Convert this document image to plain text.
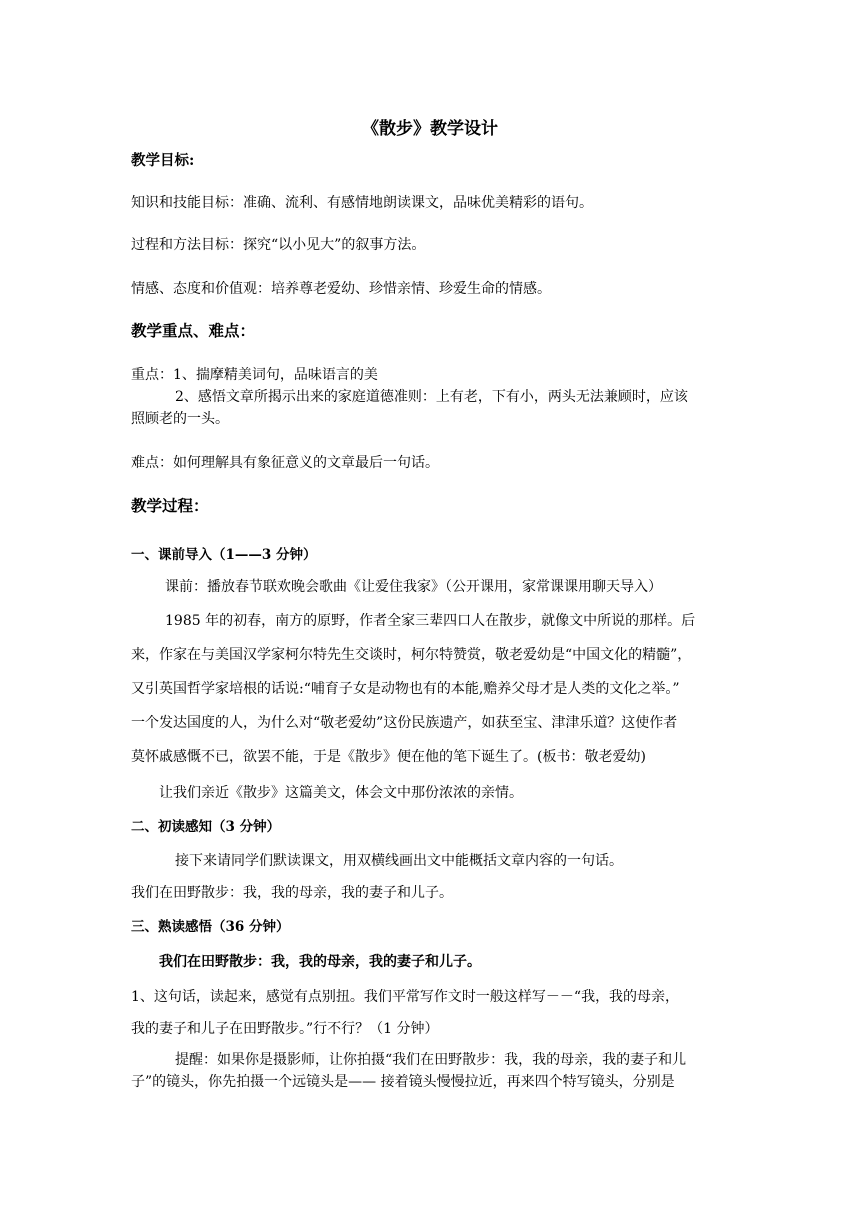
《散步》教学设计
教学目标:
知识和技能目标：准确、流利、有感情地朗读课文，品味优美精彩的语句。
过程和方法目标：探究“以小见大”的叙事方法。
情感、态度和价值观：培养尊老爱幼、珍惜亲情、珍爱生命的情感。
教学重点、难点：
重点：1、揣摩精美词句，品味语言的美
2、感悟文章所揭示出来的家庭道德准则：上有老，下有小，两头无法兼顾时，应该
照顾老的一头。
难点：如何理解具有象征意义的文章最后一句话。
教学过程：
一、课前导入（1——3 分钟）
课前：播放春节联欢晚会歌曲《让爱住我家》（公开课用，家常课课用聊天导入）
1985 年的初春，南方的原野，作者全家三辈四口人在散步，就像文中所说的那样。后
来，作家在与美国汉学家柯尔特先生交谈时，柯尔特赞赏，敬老爱幼是“中国文化的精髓”，
又引英国哲学家培根的话说:“哺育子女是动物也有的本能,赡养父母才是人类的文化之举。”
一个发达国度的人，为什么对“敬老爱幼”这份民族遗产，如获至宝、津津乐道？这使作者
莫怀戚感慨不已，欲罢不能，于是《散步》便在他的笔下诞生了。(板书：敬老爱幼)
让我们亲近《散步》这篇美文，体会文中那份浓浓的亲情。
二、初读感知（3 分钟）
接下来请同学们默读课文，用双横线画出文中能概括文章内容的一句话。
我们在田野散步：我，我的母亲，我的妻子和儿子。
三、熟读感悟（36 分钟）
我们在田野散步：我，我的母亲，我的妻子和儿子。
1、这句话，读起来，感觉有点别扭。我们平常写作文时一般这样写－－“我，我的母亲，
我的妻子和儿子在田野散步。”行不行？（1 分钟）
提醒：如果你是摄影师，让你拍摄“我们在田野散步：我，我的母亲，我的妻子和儿
子”的镜头，你先拍摄一个远镜头是—— 接着镜头慢慢拉近，再来四个特写镜头，分别是
